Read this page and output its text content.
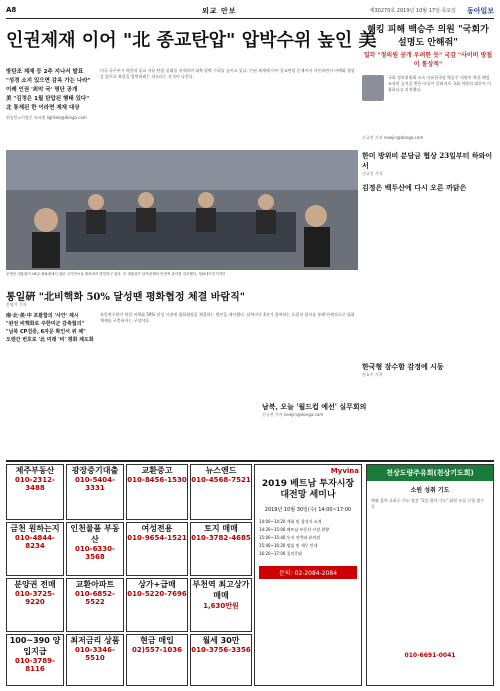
A8	외교 안보	제30270호 2019년 10월 17일 목요일 동아일보
인권제재 이어 "北 종교탄압" 압박수위 높인 美
방탄조 제재 등 2주 지나서 발표
"성경 소지 있으면 감옥 가는 나라" 이례 인권 '최악 국' 명단 공개
美 "김정은 1월 탄압된 행태 있다" 北 통제된 한 이라면 제재 대상
워싱턴=이정은 특파원 lightee@donga.com
미국 국무부가 북한의 종교 자유 탄압 실태를 지적하며 대북 압박 수위를 높이고 있다. 인권 제재에 이어 종교탄압 문제까지 거론하면서 비핵화 협상을 앞두고 북한을 압박하려는 의도라는 분석이 나온다.
문재인 대통령이 16일 청와대에서 열린 국가안보실 회의에서 발언하고 있다. 문 대통령은 남북관계의 안정적 관리를 강조했다. 청와대사진기자단
해킹 피해 백승주 의원 "국회가 설명도 안해줘"
일각 "정의원 공개 우려한 듯" 국감 "사이버 방첩이 통상적"
국회 정보위원회 소속 자유한국당 백승주 의원이 북한 해킹 조직의 공격을 받은 사실이 알려지자 국회 차원의 대응이 미흡하다고 지적했다.
신규진 기자 newjin@donga.com
한미 방위비 분담금 협상 23일부터 하와이서
신규진 기자
김정은 백두산에 다시 오른 까닭은
통일硏 "北비핵화 50% 달성땐 평화협정 체결 바람직"
문병기 기자
南·北·美·中 포괄합의 '사안' 제시
"완전 비핵화로 주한미군 감축협의"
"남북 CP검증, 6자문 확인서 위 체"
오랜간 번호로 '北 미래 '비' 평화 제도화
통일연구원이 북한 비핵화 50% 달성 시점에 평화협정을 체결하는 방안을 제시했다. 남북미중 4자가 참여하는 포괄적 합의를 통해 단계적으로 평화체제를 구축하자는 구상이다.
남북, 오늘 '월드컵 예선' 실무회의
신규진 기자 newjin@donga.com
한국형 잠수함 감정에 시동
손효주 기자
제주부동산
010-2312-3488
광장중기대출
010-5404-3331
교환중고
010-8456-1530
뉴스앤드
010-4568-7521
금천 원하는지
010-4844-8234
인천물품 부동산
010-6330-3568
여성전용
010-9654-1521
토지 매매
010-3782-4685
분양권 전매
010-3725-9220
교환아파트
010-6852-5522
상가+급매
010-5220-7696
부천역 최고상가매매
1,630만원
100~390 양입지급
010-3789-8116
최저금리 상품
010-3346-5510
현금 매입
02)557-1036
월세 30만
010-3756-3356
Myvina
2019 베트남 투자시장 대전망 세미나
2019년 10월 30일(수) 14:00~17:00
14:00~14:20 개회 및 참석자 소개
14:20~15:00 베트남 부동산 시장 현황
15:00~15:40 투자 전략과 유의점
15:40~16:20 법률 및 세무 안내
16:20~17:00 질의응답
문의: 02-2084-2084
천상도량주유회(천상기도회)
소원 성취 기도
매월 음력 초하루 기도 정진 "1일 철야 기도" 회원 모집 신청 접수 중
010-6691-0041
